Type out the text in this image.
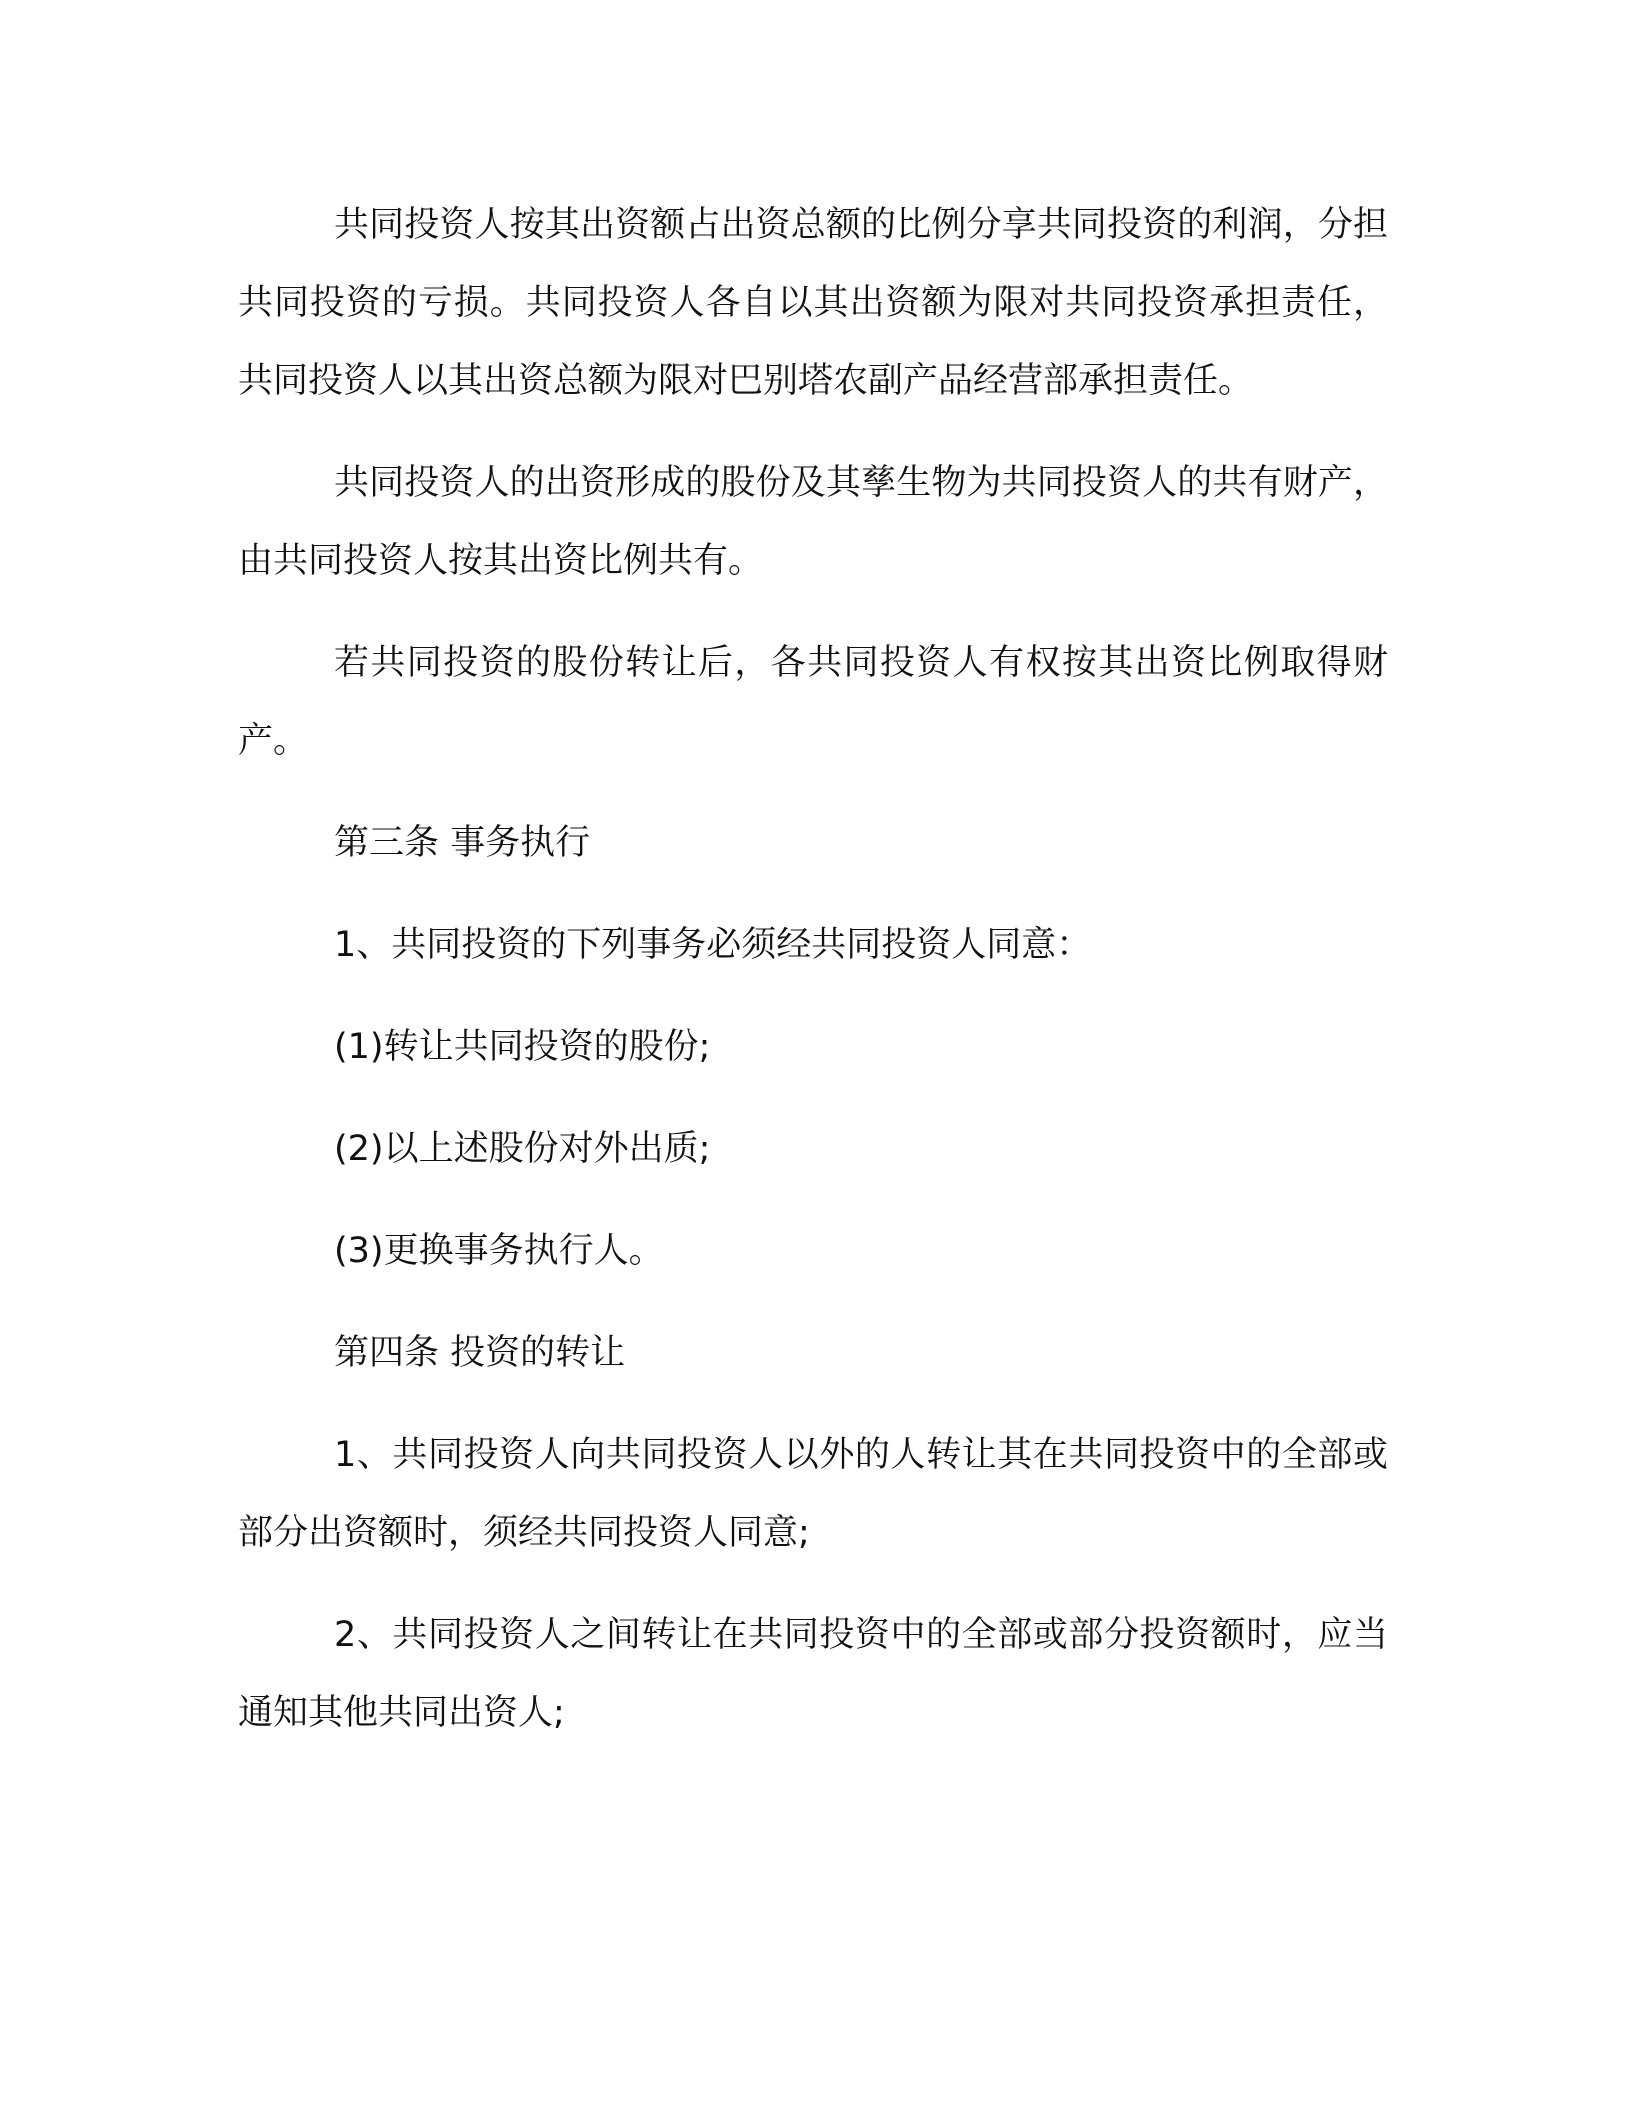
共同投资人按其出资额占出资总额的比例分享共同投资的利润，分担共同投资的亏损。共同投资人各自以其出资额为限对共同投资承担责任，共同投资人以其出资总额为限对巴别塔农副产品经营部承担责任。

共同投资人的出资形成的股份及其孳生物为共同投资人的共有财产，由共同投资人按其出资比例共有。

若共同投资的股份转让后，各共同投资人有权按其出资比例取得财产。

第三条 事务执行

1、共同投资的下列事务必须经共同投资人同意：

(1)转让共同投资的股份;

(2)以上述股份对外出质;

(3)更换事务执行人。

第四条 投资的转让

1、共同投资人向共同投资人以外的人转让其在共同投资中的全部或部分出资额时，须经共同投资人同意;

2、共同投资人之间转让在共同投资中的全部或部分投资额时，应当通知其他共同出资人;
